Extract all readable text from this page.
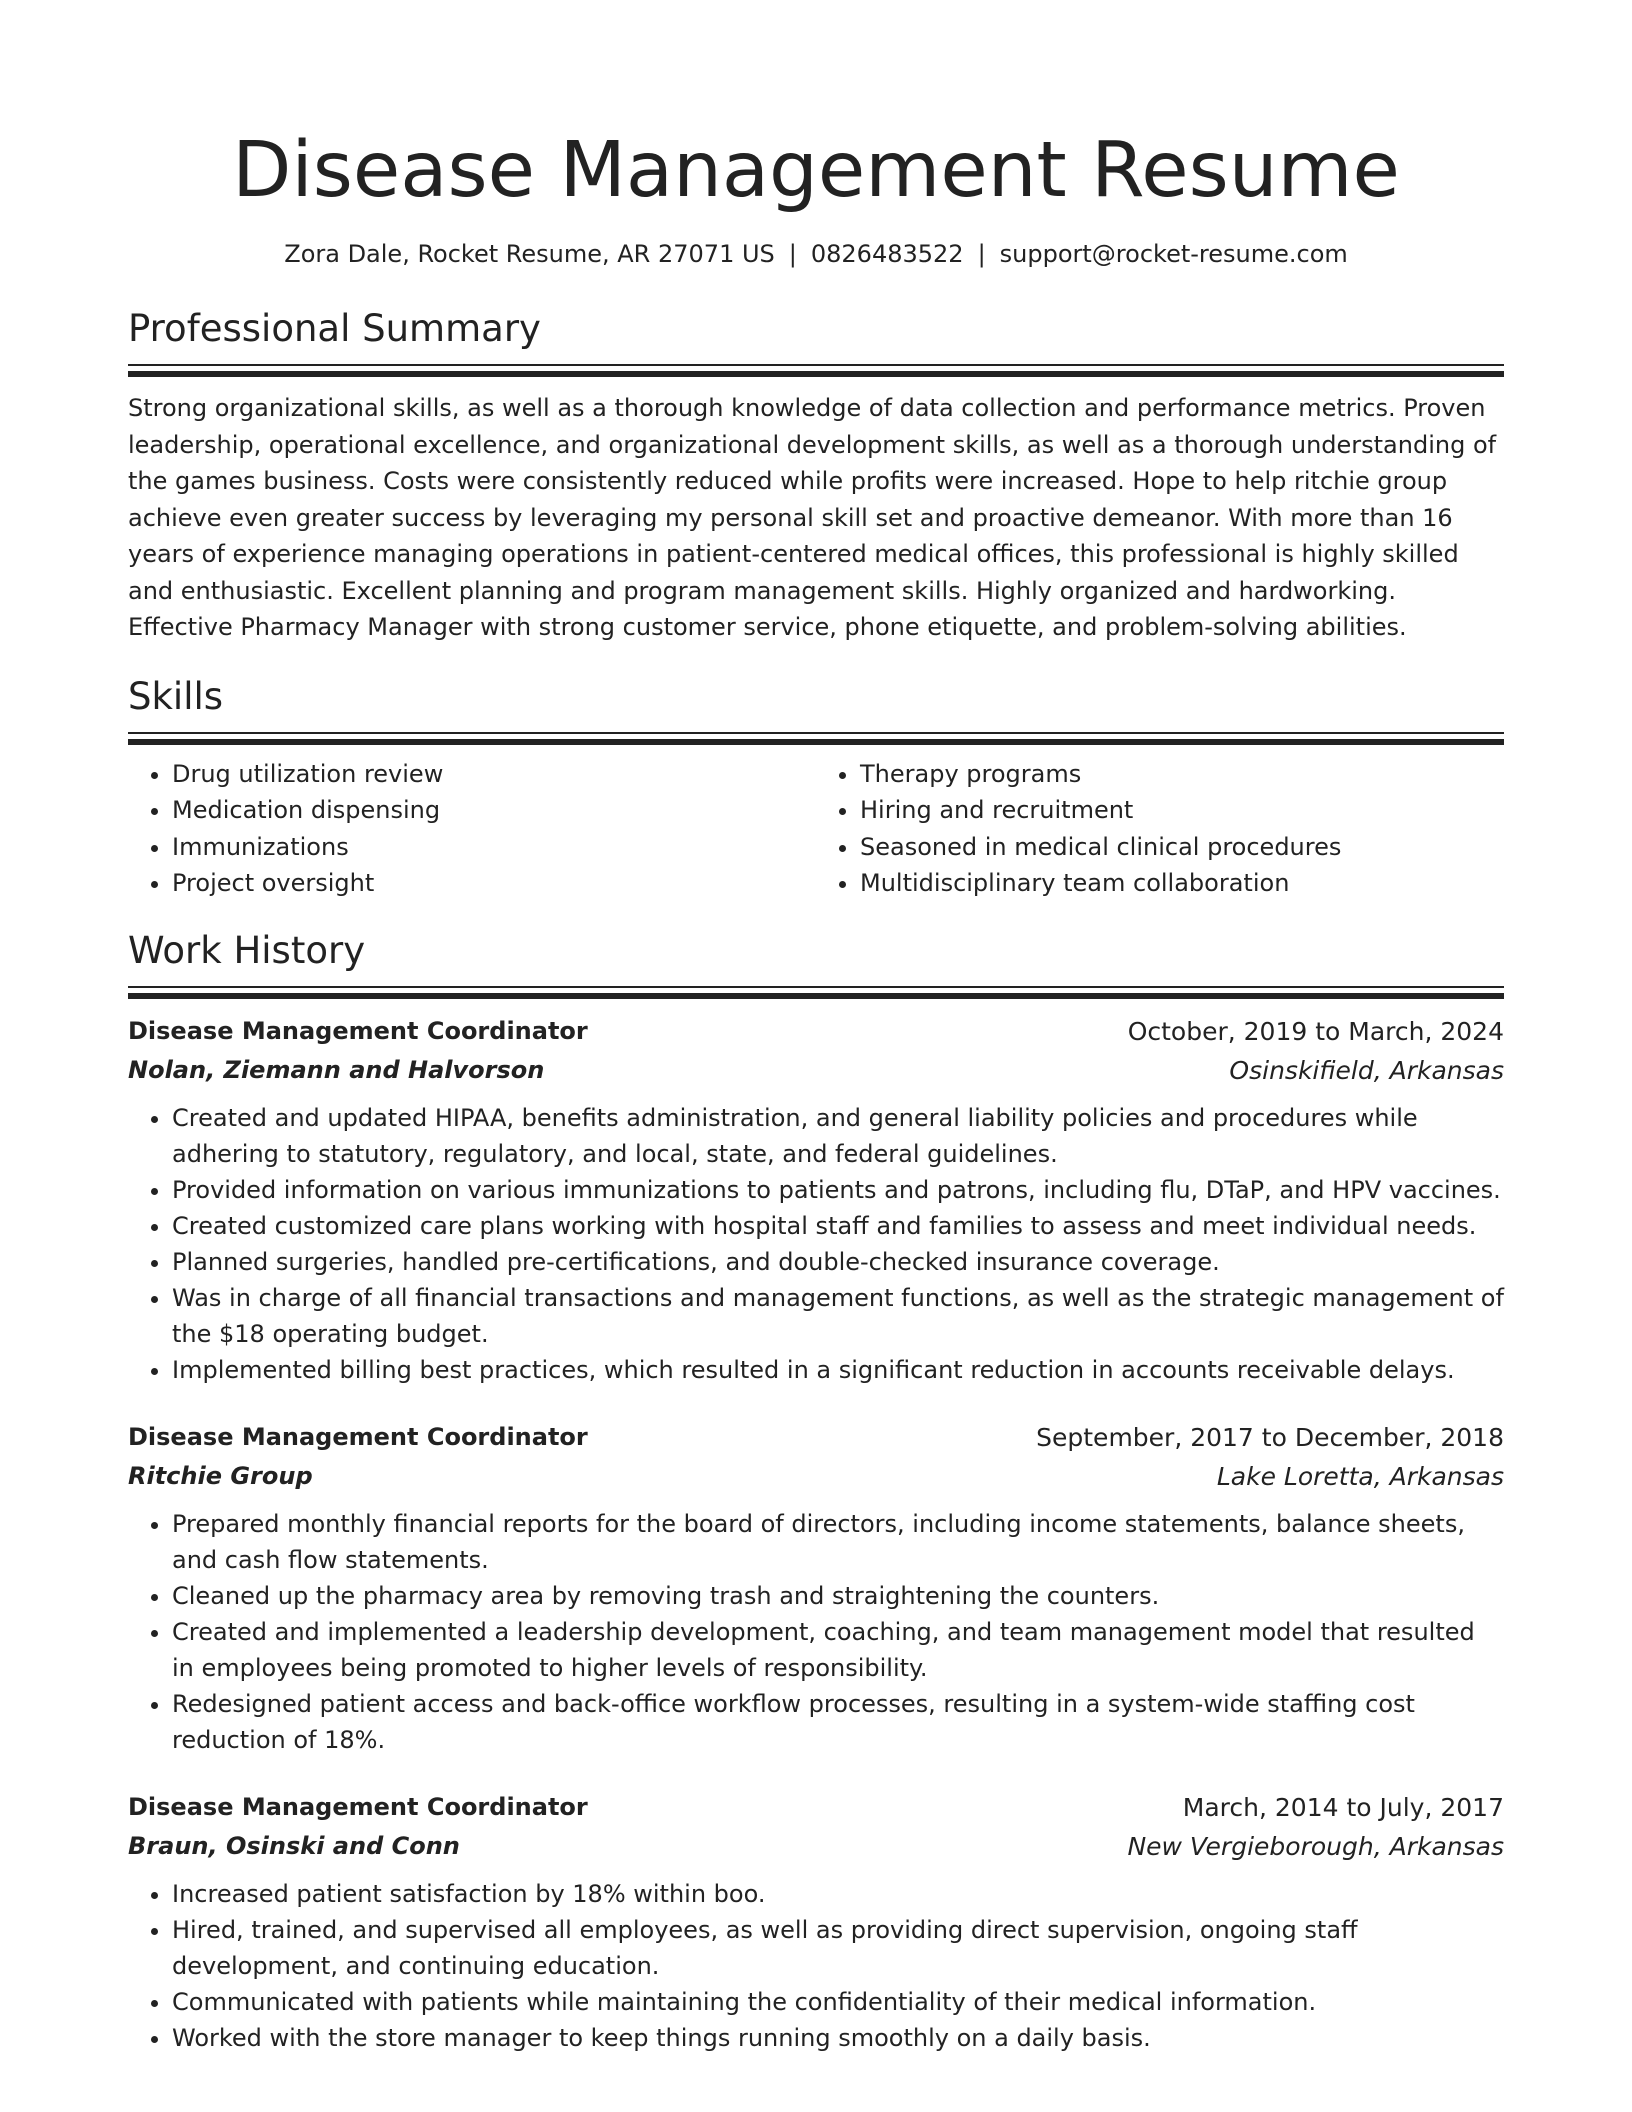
Disease Management Resume
Zora Dale, Rocket Resume, AR 27071 US | 0826483522 | support@rocket-resume.com
Professional Summary

Strong organizational skills, as well as a thorough knowledge of data collection and performance metrics. Proven leadership, operational excellence, and organizational development skills, as well as a thorough understanding of the games business. Costs were consistently reduced while profits were increased. Hope to help ritchie group achieve even greater success by leveraging my personal skill set and proactive demeanor. With more than 16 years of experience managing operations in patient-centered medical offices, this professional is highly skilled and enthusiastic. Excellent planning and program management skills. Highly organized and hardworking. Effective Pharmacy Manager with strong customer service, phone etiquette, and problem-solving abilities.

Skills
• Drug utilization review
• Medication dispensing
• Immunizations
• Project oversight
• Therapy programs
• Hiring and recruitment
• Seasoned in medical clinical procedures
• Multidisciplinary team collaboration
Work History
Disease Management Coordinator	October, 2019 to March, 2024
Nolan, Ziemann and Halvorson	Osinskifield, Arkansas
• Created and updated HIPAA, benefits administration, and general liability policies and procedures while adhering to statutory, regulatory, and local, state, and federal guidelines.
• Provided information on various immunizations to patients and patrons, including flu, DTaP, and HPV vaccines.
• Created customized care plans working with hospital staff and families to assess and meet individual needs.
• Planned surgeries, handled pre-certifications, and double-checked insurance coverage.
• Was in charge of all financial transactions and management functions, as well as the strategic management of the $18 operating budget.
• Implemented billing best practices, which resulted in a significant reduction in accounts receivable delays.
Disease Management Coordinator	September, 2017 to December, 2018
Ritchie Group	Lake Loretta, Arkansas
• Prepared monthly financial reports for the board of directors, including income statements, balance sheets, and cash flow statements.
• Cleaned up the pharmacy area by removing trash and straightening the counters.
• Created and implemented a leadership development, coaching, and team management model that resulted in employees being promoted to higher levels of responsibility.
• Redesigned patient access and back-office workflow processes, resulting in a system-wide staffing cost reduction of 18%.
Disease Management Coordinator	March, 2014 to July, 2017
Braun, Osinski and Conn	New Vergieborough, Arkansas
• Increased patient satisfaction by 18% within boo.
• Hired, trained, and supervised all employees, as well as providing direct supervision, ongoing staff development, and continuing education.
• Communicated with patients while maintaining the confidentiality of their medical information.
• Worked with the store manager to keep things running smoothly on a daily basis.
